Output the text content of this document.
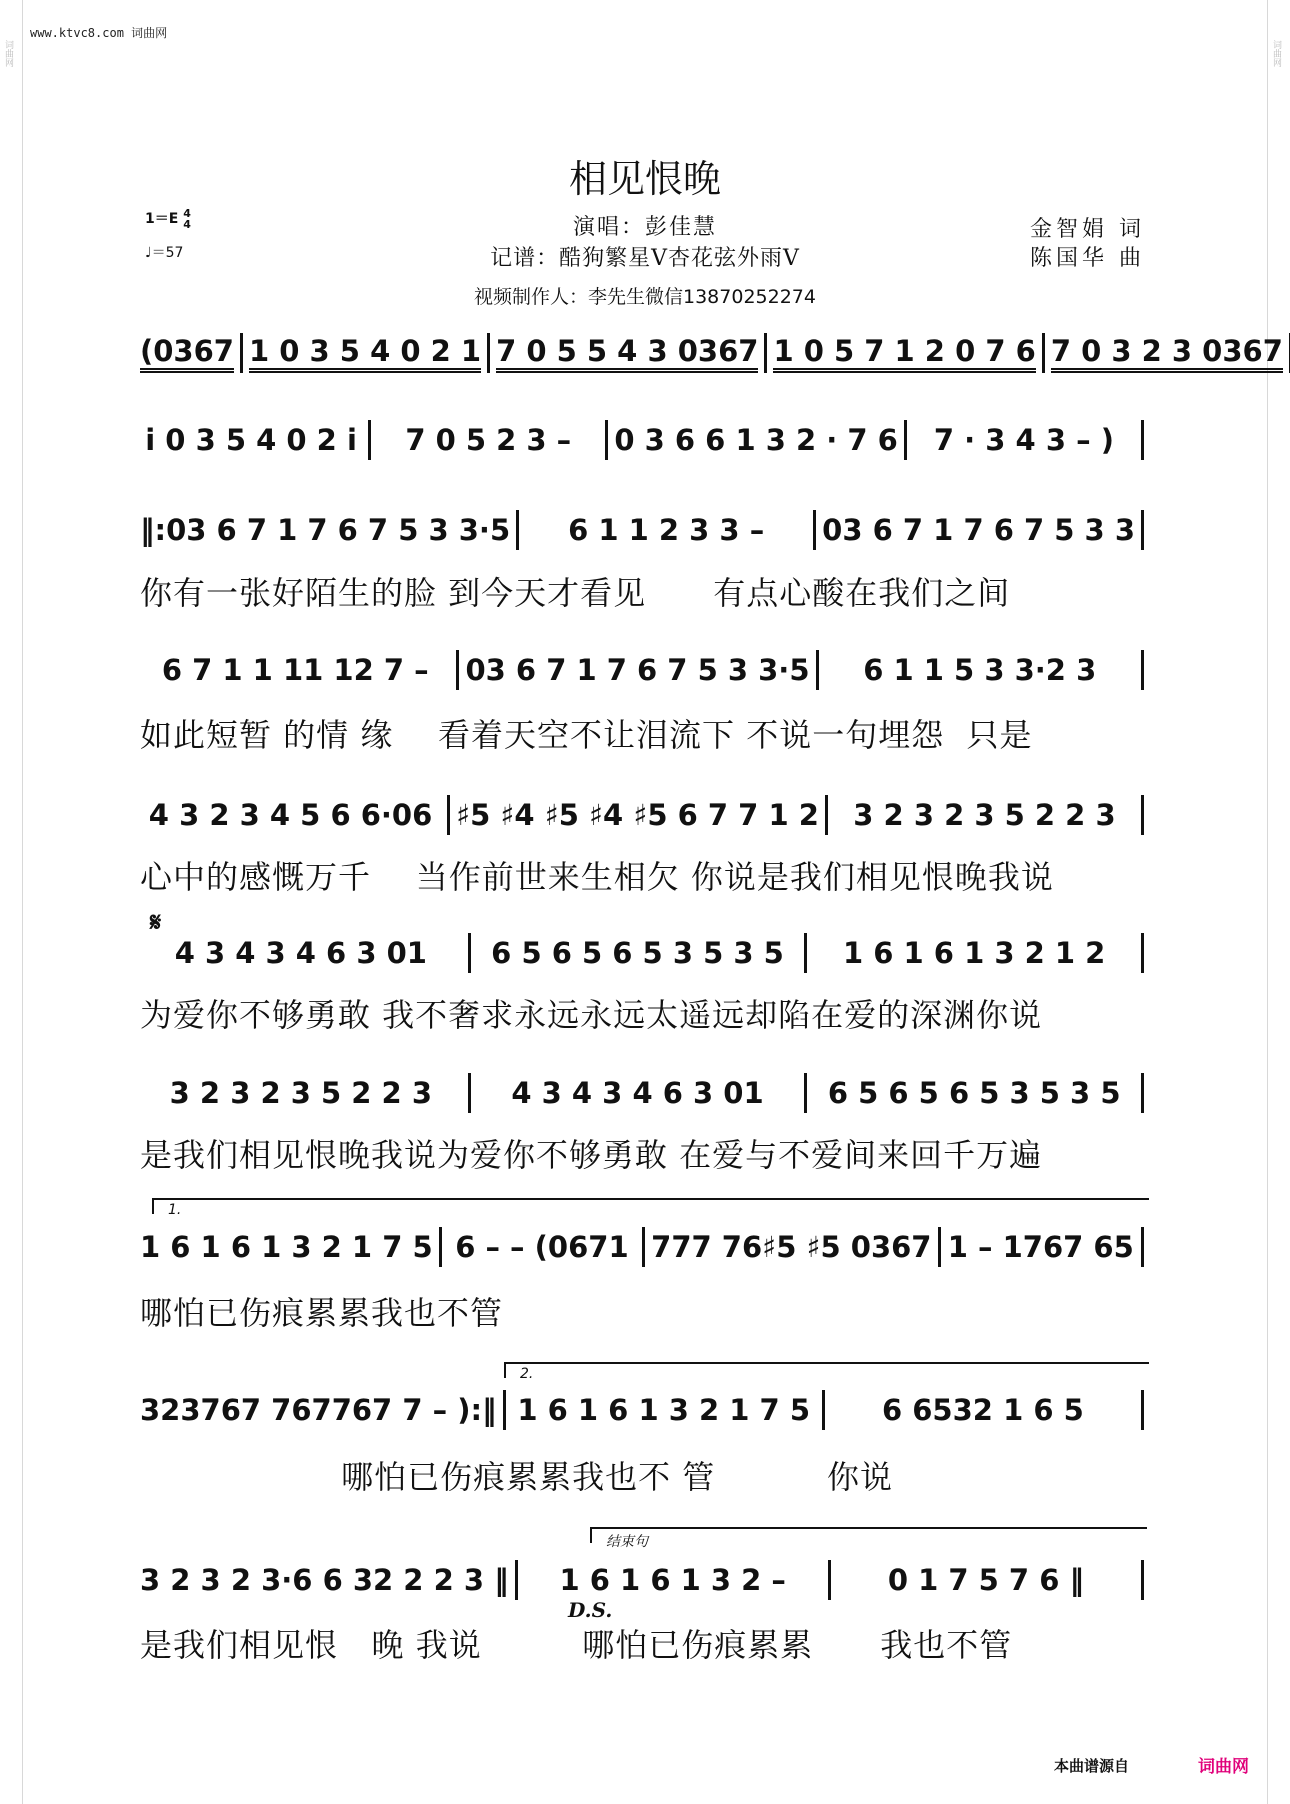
词曲网	词曲网
www.ktvc8.com 词曲网
相见恨晚
1＝E 4
4
♩＝57
演唱：彭佳慧
记谱：酷狗繁星V杏花弦外雨V
金智娟 词
陈国华 曲
视频制作人：李先生微信13870252274
(0367 1 0 3 5 4 0 2 1 7 0 5 5 4 3 0367 1 0 5 7 1 2 0 7 6 7 0 3 2 3 0367
i 0 3 5 4 0 2 i	7 0 5 2 3 –	0 3 6 6 1 3 2 · 7 6	7 · 3 4 3 – )
‖:03 6 7 1 7 6 7 5 3 3·5	6 1 1 2 3 3 –	03 6 7 1 7 6 7 5 3 3
你有一张好陌生的脸 到今天才看见      有点心酸在我们之间
6 7 1 1 11 12 7 –	03 6 7 1 7 6 7 5 3 3·5	6 1 1 5 3 3·2 3
如此短暂 的情 缘    看着天空不让泪流下 不说一句埋怨  只是
4 3 2 3 4 5 6 6·06 ♯5 ♯4 ♯5 ♯4 ♯5 6 7 7 1 2	3 2 3 2 3 5 2 2 3
心中的感慨万千    当作前世来生相欠 你说是我们相见恨晚我说
𝄋
4 3 4 3 4 6 3 01	6 5 6 5 6 5 3 5 3 5	1 6 1 6 1 3 2 1 2
为爱你不够勇敢 我不奢求永远永远太遥远却陷在爱的深渊你说
3 2 3 2 3 5 2 2 3	4 3 4 3 4 6 3 01	6 5 6 5 6 5 3 5 3 5
是我们相见恨晚我说为爱你不够勇敢 在爱与不爱间来回千万遍
1.
1 6 1 6 1 3 2 1 7 5 6 – – (0671 777 76♯5 ♯5 0367 1 – 1767 65
哪怕已伤痕累累我也不管
2.
323767 767767 7 – ):‖ 1 6 1 6 1 3 2 1 7 5	6 6532 1 6 5
哪怕已伤痕累累我也不 管          你说
结束句
3 2 3 2 3·6 6 32 2 2 3 ‖	1 6 1 6 1 3 2 –	0 1 7 5 7 6 ‖
D.S.
是我们相见恨   晚 我说         哪怕已伤痕累累      我也不管
本曲谱源自	词曲网
